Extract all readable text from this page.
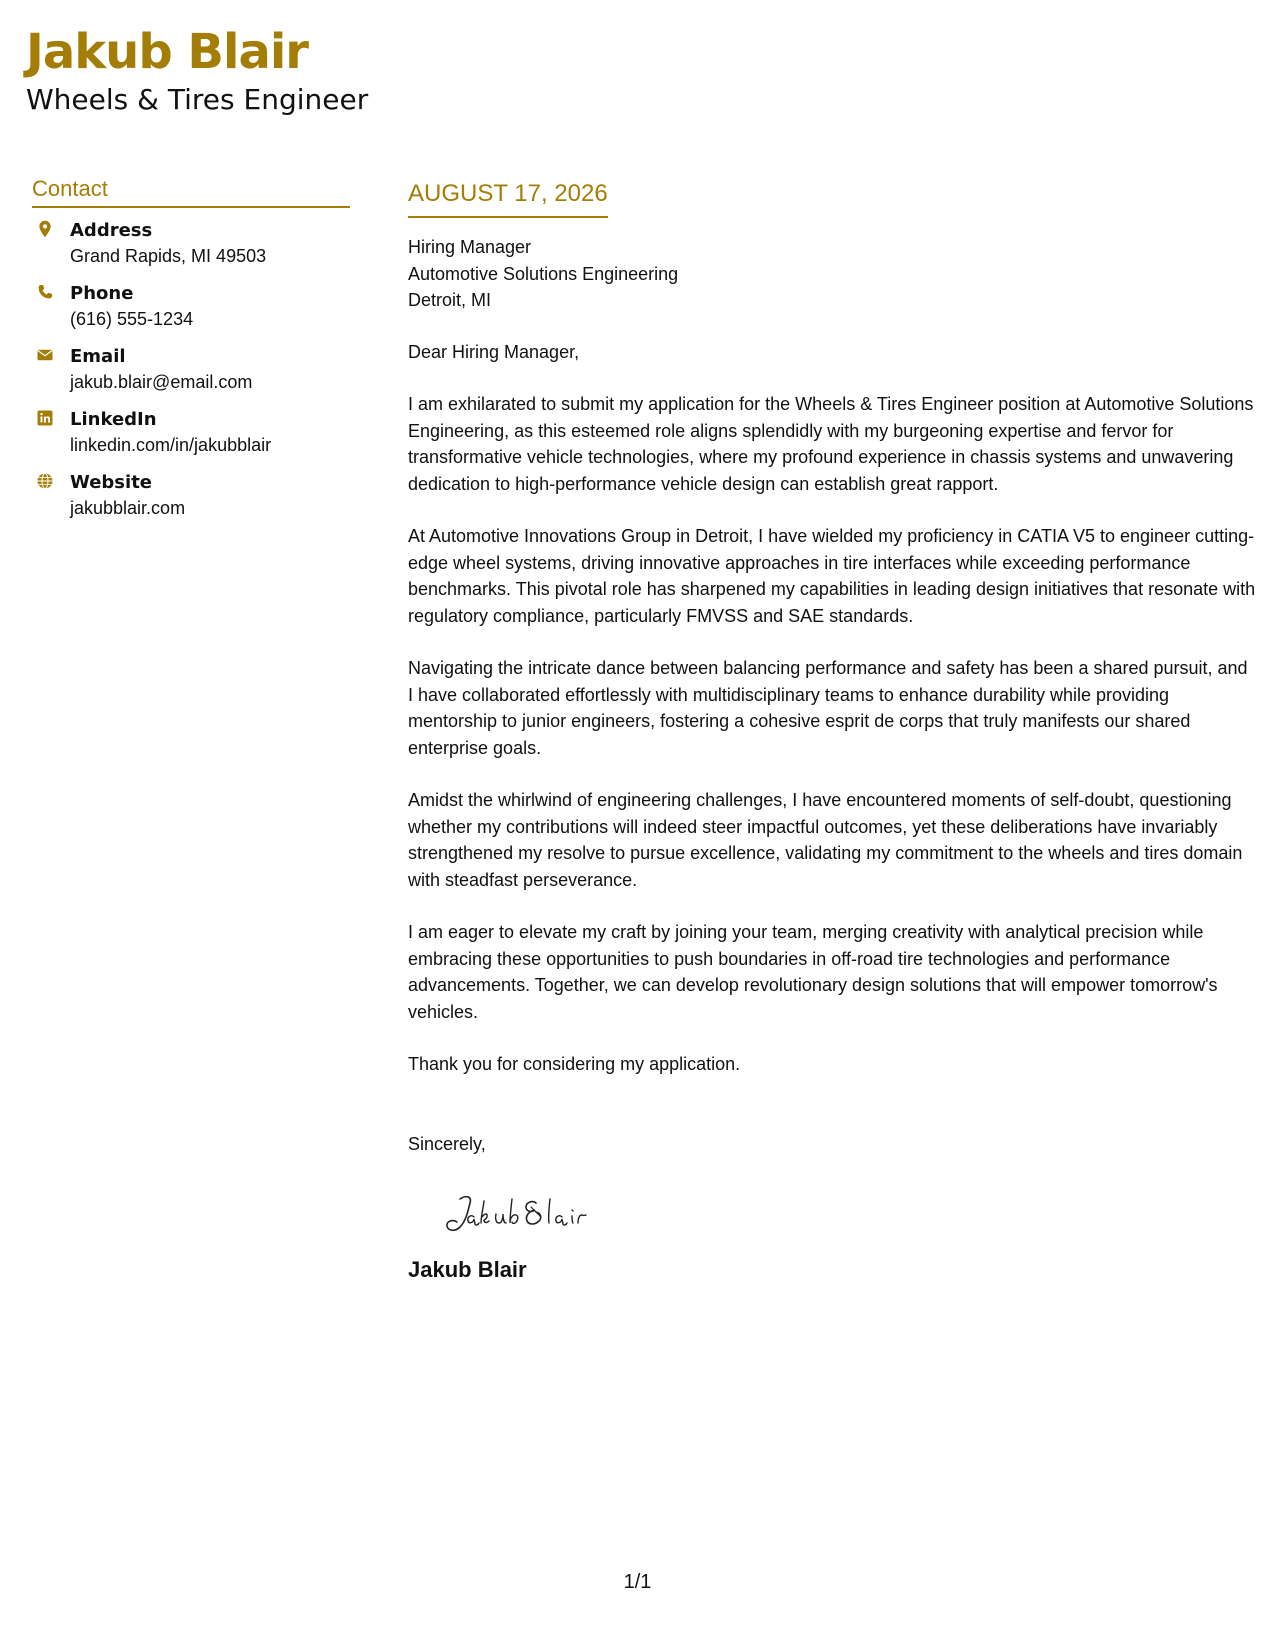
Jakub Blair
Wheels & Tires Engineer
Contact
Address
Grand Rapids, MI 49503
Phone
(616) 555-1234
Email
jakub.blair@email.com
LinkedIn
linkedin.com/in/jakubblair
Website
jakubblair.com
AUGUST 17, 2026
Hiring Manager
Automotive Solutions Engineering
Detroit, MI

Dear Hiring Manager,

I am exhilarated to submit my application for the Wheels & Tires Engineer position at Automotive Solutions Engineering, as this esteemed role aligns splendidly with my burgeoning expertise and fervor for transformative vehicle technologies, where my profound experience in chassis systems and unwavering dedication to high-performance vehicle design can establish great rapport.

At Automotive Innovations Group in Detroit, I have wielded my proficiency in CATIA V5 to engineer cutting-edge wheel systems, driving innovative approaches in tire interfaces while exceeding performance benchmarks. This pivotal role has sharpened my capabilities in leading design initiatives that resonate with regulatory compliance, particularly FMVSS and SAE standards.

Navigating the intricate dance between balancing performance and safety has been a shared pursuit, and I have collaborated effortlessly with multidisciplinary teams to enhance durability while providing mentorship to junior engineers, fostering a cohesive esprit de corps that truly manifests our shared enterprise goals.

Amidst the whirlwind of engineering challenges, I have encountered moments of self-doubt, questioning whether my contributions will indeed steer impactful outcomes, yet these deliberations have invariably strengthened my resolve to pursue excellence, validating my commitment to the wheels and tires domain with steadfast perseverance.

I am eager to elevate my craft by joining your team, merging creativity with analytical precision while embracing these opportunities to push boundaries in off-road tire technologies and performance advancements. Together, we can develop revolutionary design solutions that will empower tomorrow's vehicles.

Thank you for considering my application.

Sincerely,

Jakub Blair
1/1
